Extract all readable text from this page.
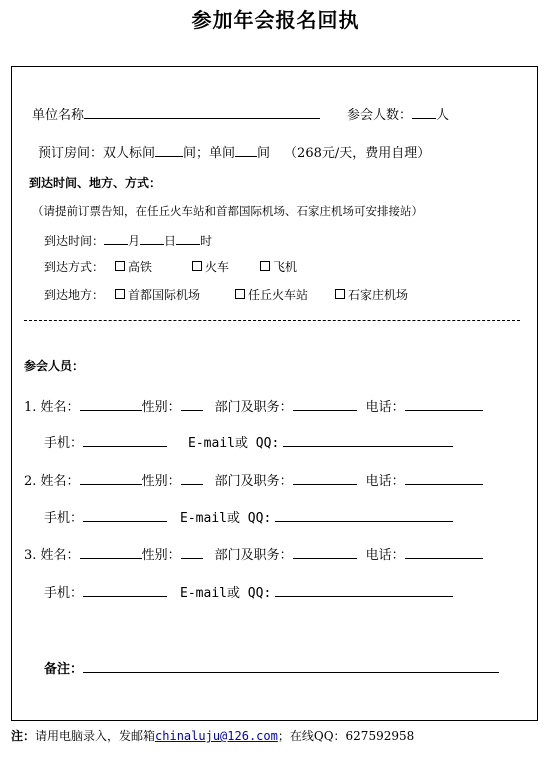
参加年会报名回执
单位名称	参会人数： 人
预订房间：双人标间 间；单间 间 （268元/天，费用自理）
到达时间、地方、方式：
（请提前订票告知，在任丘火车站和首都国际机场、石家庄机场可安排接站）
到达时间： 月 日 时
到达方式：	高铁	火车	飞机
到达地方：	首都国际机场	任丘火车站	石家庄机场
参会人员：
1. 姓名：	性别：	部门及职务：	电话：
手机：	E-mail或 QQ:
2. 姓名：	性别：	部门及职务：	电话：
手机：	E-mail或 QQ:
3. 姓名：	性别：	部门及职务：	电话：
手机：	E-mail或 QQ:
备注：
注：请用电脑录入，发邮箱chinaluju@126.com；在线QQ：627592958
